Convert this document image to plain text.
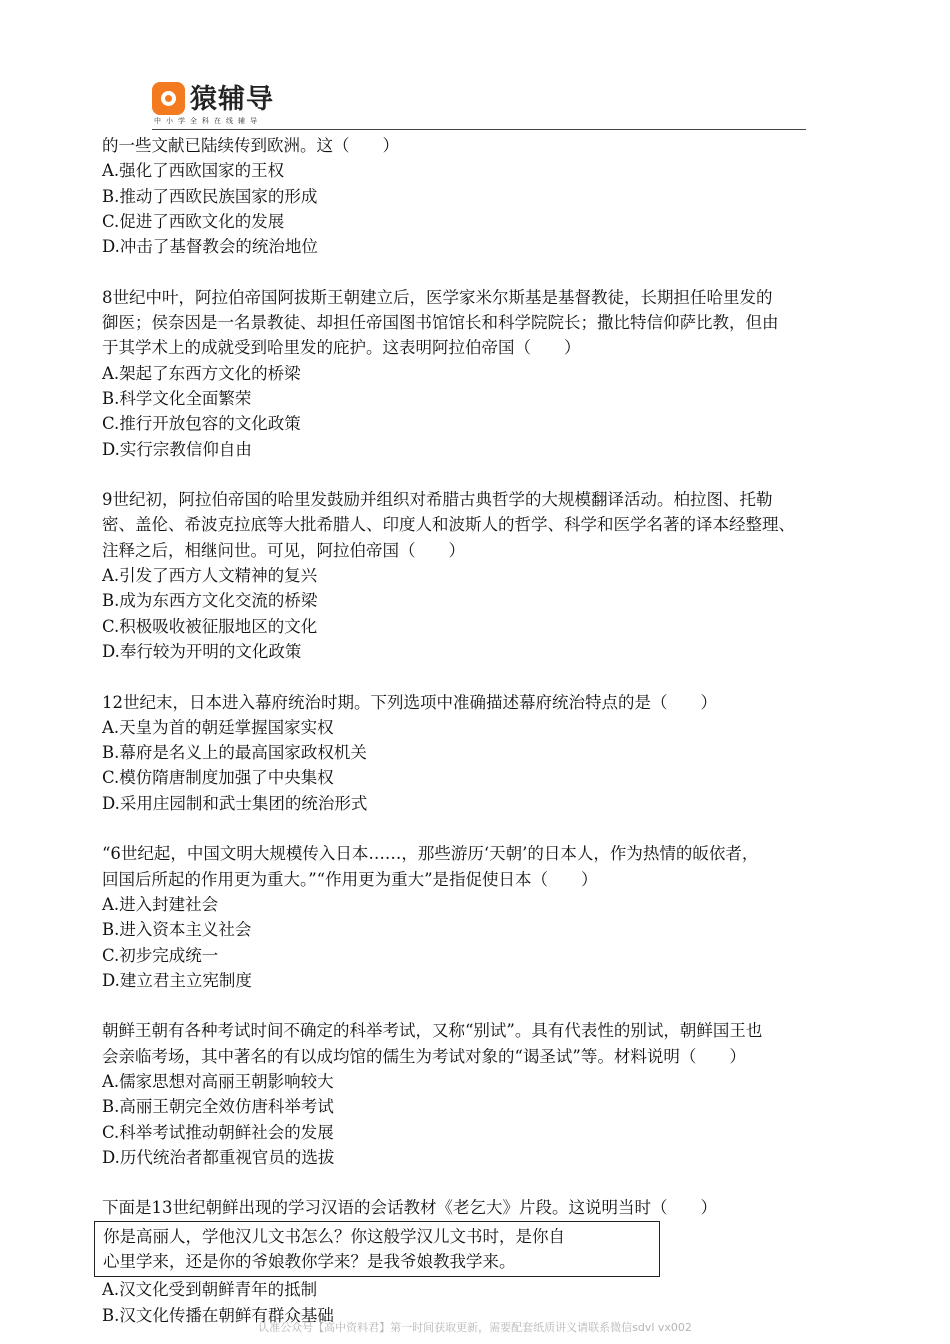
猿辅导
中小学全科在线辅导
的一些文献已陆续传到欧洲。这（　　）
A.强化了西欧国家的王权
B.推动了西欧民族国家的形成
C.促进了西欧文化的发展
D.冲击了基督教会的统治地位
8世纪中叶，阿拉伯帝国阿拔斯王朝建立后，医学家米尔斯基是基督教徒，长期担任哈里发的
御医；侯奈因是一名景教徒、却担任帝国图书馆馆长和科学院院长；撒比特信仰萨比教，但由
于其学术上的成就受到哈里发的庇护。这表明阿拉伯帝国（　　）
A.架起了东西方文化的桥梁
B.科学文化全面繁荣
C.推行开放包容的文化政策
D.实行宗教信仰自由
9世纪初，阿拉伯帝国的哈里发鼓励并组织对希腊古典哲学的大规模翻译活动。柏拉图、托勒
密、盖伦、希波克拉底等大批希腊人、印度人和波斯人的哲学、科学和医学名著的译本经整理、
注释之后，相继问世。可见，阿拉伯帝国（　　）
A.引发了西方人文精神的复兴
B.成为东西方文化交流的桥梁
C.积极吸收被征服地区的文化
D.奉行较为开明的文化政策
12世纪末，日本进入幕府统治时期。下列选项中准确描述幕府统治特点的是（　　）
A.天皇为首的朝廷掌握国家实权
B.幕府是名义上的最高国家政权机关
C.模仿隋唐制度加强了中央集权
D.采用庄园制和武士集团的统治形式
“6世纪起，中国文明大规模传入日本……，那些游历‘天朝’的日本人，作为热情的皈依者，
回国后所起的作用更为重大。”“作用更为重大”是指促使日本（　　）
A.进入封建社会
B.进入资本主义社会
C.初步完成统一
D.建立君主立宪制度
朝鲜王朝有各种考试时间不确定的科举考试，又称“别试”。具有代表性的别试，朝鲜国王也
会亲临考场，其中著名的有以成均馆的儒生为考试对象的“谒圣试”等。材料说明（　　）
A.儒家思想对高丽王朝影响较大
B.高丽王朝完全效仿唐科举考试
C.科举考试推动朝鲜社会的发展
D.历代统治者都重视官员的选拔
下面是13世纪朝鲜出现的学习汉语的会话教材《老乞大》片段。这说明当时（　　）
你是高丽人，学他汉儿文书怎么？你这般学汉儿文书时，是你自
心里学来，还是你的爷娘教你学来？是我爷娘教我学来。
A.汉文化受到朝鲜青年的抵制
B.汉文化传播在朝鲜有群众基础
认准公众号【高中资料君】第一时间获取更新，需要配套纸质讲义请联系微信sdvl vx002
